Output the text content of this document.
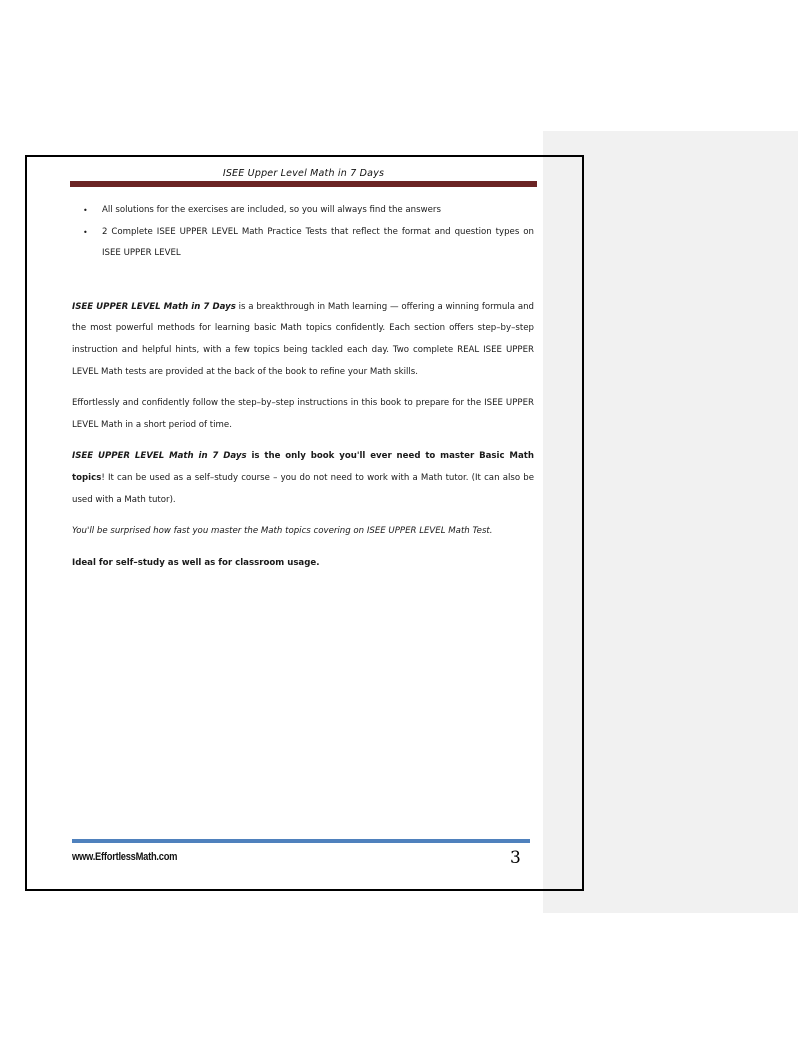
ISEE Upper Level Math in 7 Days
• All solutions for the exercises are included, so you will always find the answers
• 2 Complete ISEE UPPER LEVEL Math Practice Tests that reflect the format and question types on ISEE UPPER LEVEL

ISEE UPPER LEVEL Math in 7 Days is a breakthrough in Math learning — offering a winning formula and the most powerful methods for learning basic Math topics confidently. Each section offers step–by–step instruction and helpful hints, with a few topics being tackled each day. Two complete REAL ISEE UPPER LEVEL Math tests are provided at the back of the book to refine your Math skills.

Effortlessly and confidently follow the step–by–step instructions in this book to prepare for the ISEE UPPER LEVEL Math in a short period of time.

ISEE UPPER LEVEL Math in 7 Days is the only book you'll ever need to master Basic Math topics! It can be used as a self–study course – you do not need to work with a Math tutor. (It can also be used with a Math tutor).

You'll be surprised how fast you master the Math topics covering on ISEE UPPER LEVEL Math Test.

Ideal for self–study as well as for classroom usage.

www.EffortlessMath.com	3
